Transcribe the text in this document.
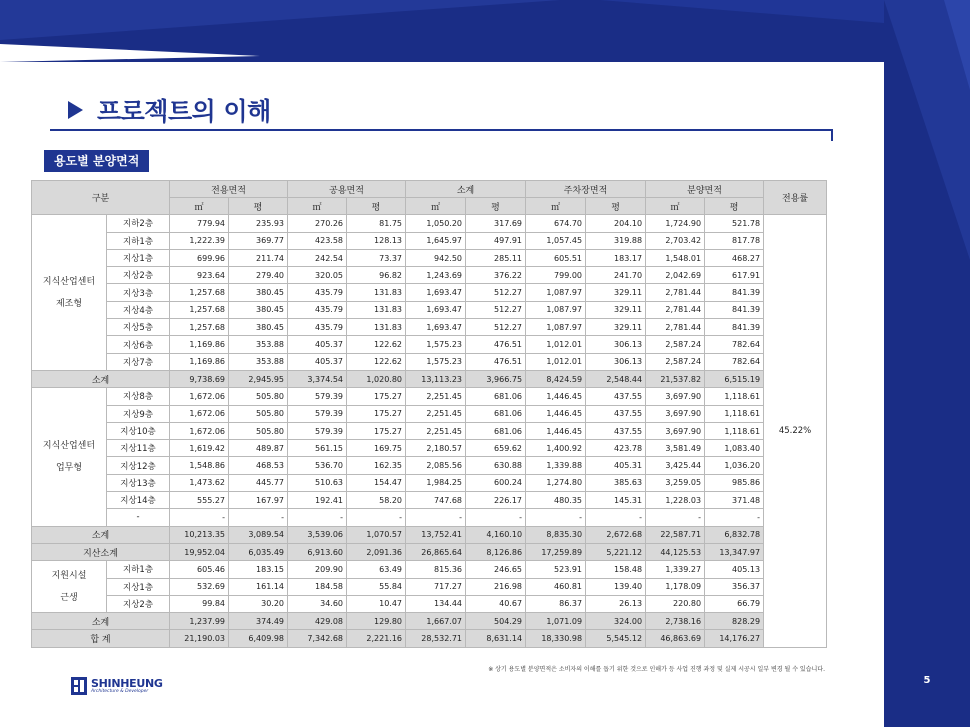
5
프로젝트의 이해
용도별 분양면적
구분		전용면적		공용면적		소계		주차장면적		분양면적		전용률
		㎡	평	㎡	평	㎡	평	㎡	평	㎡	평	
지식산업센터
제조형	지하2층	779.94	235.93	270.26	81.75	1,050.20	317.69	674.70	204.10	1,724.90	521.78	45.22%
	지하1층	1,222.39	369.77	423.58	128.13	1,645.97	497.91	1,057.45	319.88	2,703.42	817.78	
	지상1층	699.96	211.74	242.54	73.37	942.50	285.11	605.51	183.17	1,548.01	468.27	
	지상2층	923.64	279.40	320.05	96.82	1,243.69	376.22	799.00	241.70	2,042.69	617.91	
	지상3층	1,257.68	380.45	435.79	131.83	1,693.47	512.27	1,087.97	329.11	2,781.44	841.39	
	지상4층	1,257.68	380.45	435.79	131.83	1,693.47	512.27	1,087.97	329.11	2,781.44	841.39	
	지상5층	1,257.68	380.45	435.79	131.83	1,693.47	512.27	1,087.97	329.11	2,781.44	841.39	
	지상6층	1,169.86	353.88	405.37	122.62	1,575.23	476.51	1,012.01	306.13	2,587.24	782.64	
	지상7층	1,169.86	353.88	405.37	122.62	1,575.23	476.51	1,012.01	306.13	2,587.24	782.64	
소계		9,738.69	2,945.95	3,374.54	1,020.80	13,113.23	3,966.75	8,424.59	2,548.44	21,537.82	6,515.19	
지식산업센터
업무형	지상8층	1,672.06	505.80	579.39	175.27	2,251.45	681.06	1,446.45	437.55	3,697.90	1,118.61	
	지상9층	1,672.06	505.80	579.39	175.27	2,251.45	681.06	1,446.45	437.55	3,697.90	1,118.61	
	지상10층	1,672.06	505.80	579.39	175.27	2,251.45	681.06	1,446.45	437.55	3,697.90	1,118.61	
	지상11층	1,619.42	489.87	561.15	169.75	2,180.57	659.62	1,400.92	423.78	3,581.49	1,083.40	
	지상12층	1,548.86	468.53	536.70	162.35	2,085.56	630.88	1,339.88	405.31	3,425.44	1,036.20	
	지상13층	1,473.62	445.77	510.63	154.47	1,984.25	600.24	1,274.80	385.63	3,259.05	985.86	
	지상14층	555.27	167.97	192.41	58.20	747.68	226.17	480.35	145.31	1,228.03	371.48	
	-	-	-	-	-	-	-	-	-	-	-	
소계		10,213.35	3,089.54	3,539.06	1,070.57	13,752.41	4,160.10	8,835.30	2,672.68	22,587.71	6,832.78	
지산소계		19,952.04	6,035.49	6,913.60	2,091.36	26,865.64	8,126.86	17,259.89	5,221.12	44,125.53	13,347.97	
지원시설
근생	지하1층	605.46	183.15	209.90	63.49	815.36	246.65	523.91	158.48	1,339.27	405.13	
	지상1층	532.69	161.14	184.58	55.84	717.27	216.98	460.81	139.40	1,178.09	356.37	
	지상2층	99.84	30.20	34.60	10.47	134.44	40.67	86.37	26.13	220.80	66.79	
소계		1,237.99	374.49	429.08	129.80	1,667.07	504.29	1,071.09	324.00	2,738.16	828.29	
합 계		21,190.03	6,409.98	7,342.68	2,221.16	28,532.71	8,631.14	18,330.98	5,545.12	46,863.69	14,176.27	
※ 상기 용도별 분양면적은 소비자의 이해를 돕기 위한 것으로 인해가 등 사업 진행 과정 및 실제 시공시 일부 변경 될 수 있습니다.
SHINHEUNG
Architecture & Developer
